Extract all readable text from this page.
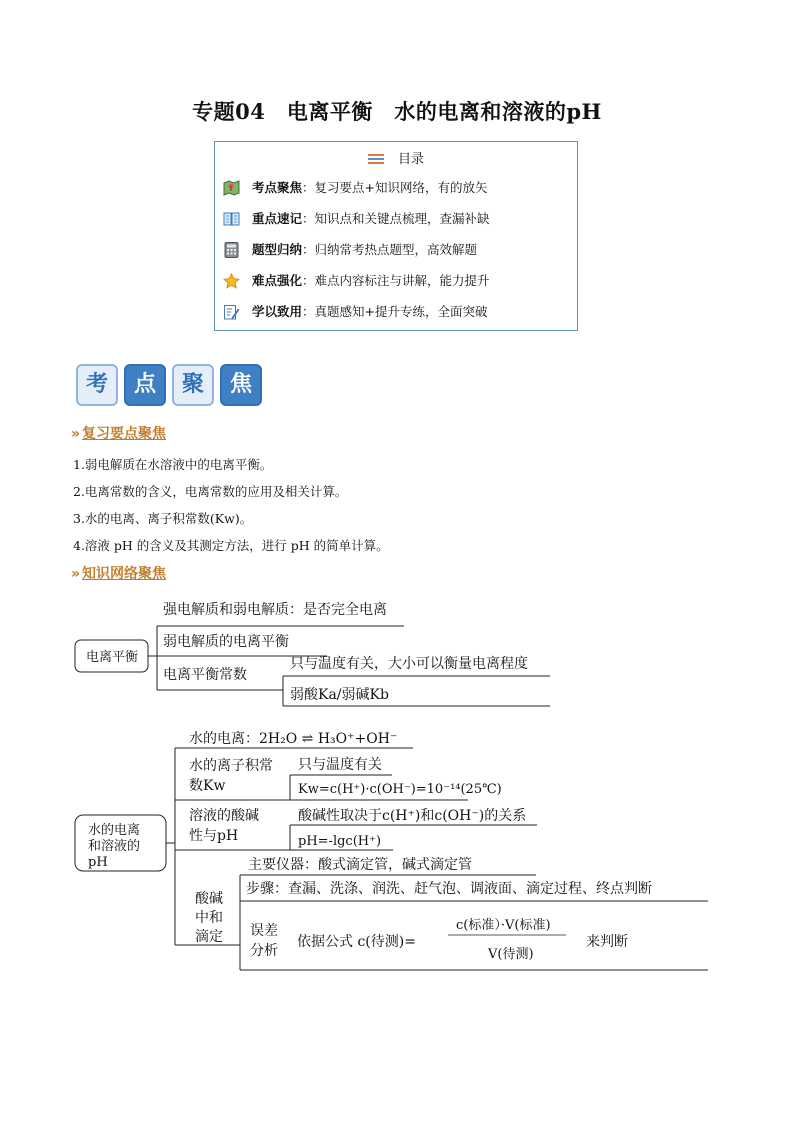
专题04　电离平衡　水的电离和溶液的pH
目录
考点聚焦：复习要点+知识网络，有的放矢
重点速记：知识点和关键点梳理，查漏补缺
题型归纳：归纳常考热点题型，高效解题
难点强化：难点内容标注与讲解，能力提升
学以致用：真题感知+提升专练，全面突破
考	点	聚	焦
» 复习要点聚焦
1.弱电解质在水溶液中的电离平衡。
2.电离常数的含义，电离常数的应用及相关计算。
3.水的电离、离子积常数(Kw)。
4.溶液 pH 的含义及其测定方法，进行 pH 的简单计算。
» 知识网络聚焦
电离平衡
强电解质和弱电解质：是否完全电离
弱电解质的电离平衡
电离平衡常数
只与温度有关，大小可以衡量电离程度
弱酸Ka/弱碱Kb
水的电离
和溶液的
pH
水的电离：2H₂O ⇌ H₃O⁺+OH⁻
水的离子积常
数Kw
只与温度有关
Kw=c(H⁺)·c(OH⁻)=10⁻¹⁴(25℃)
溶液的酸碱
性与pH
酸碱性取决于c(H⁺)和c(OH⁻)的关系
pH=-lgc(H⁺)
酸碱
中和
滴定
主要仪器：酸式滴定管，碱式滴定管
步骤：查漏、洗涤、润洗、赶气泡、调液面、滴定过程、终点判断
误差
分析
依据公式 c(待测)=
c(标准）·V(标准)
V(待测)
来判断
